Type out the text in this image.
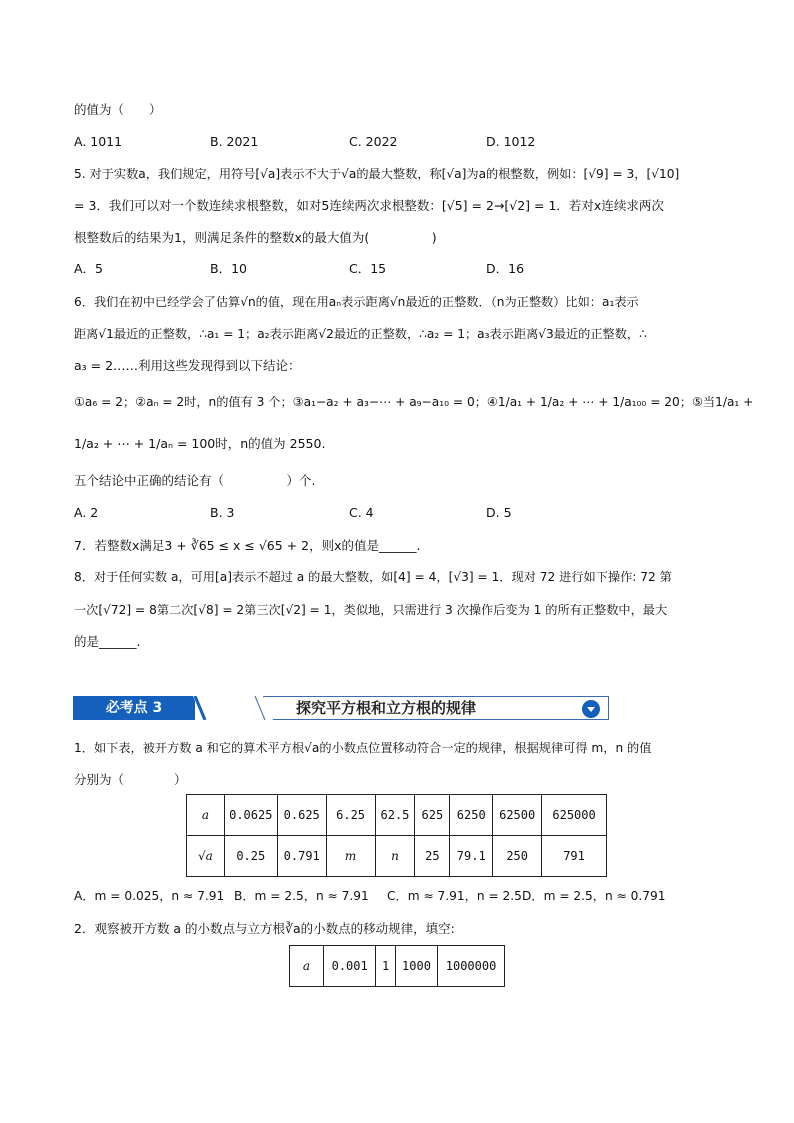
的值为（　　）
A. 1011	B. 2021	C. 2022	D. 1012
5. 对于实数a，我们规定，用符号[√a]表示不大于√a的最大整数，称[√a]为a的根整数，例如：[√9] = 3，[√10]
= 3．我们可以对一个数连续求根整数，如对5连续两次求根整数：[√5] = 2→[√2] = 1．若对x连续求两次
根整数后的结果为1，则满足条件的整数x的最大值为(　　　　　)
A．5	B．10	C．15	D．16
6．我们在初中已经学会了估算√n的值，现在用aₙ表示距离√n最近的正整数．（n为正整数）比如：a₁表示
距离√1最近的正整数，∴a₁ = 1；a₂表示距离√2最近的正整数，∴a₂ = 1；a₃表示距离√3最近的正整数，∴
a₃ = 2……利用这些发现得到以下结论：
①a₆ = 2；②aₙ = 2时，n的值有 3 个；③a₁−a₂ + a₃−⋯ + a₉−a₁₀ = 0；④1/a₁ + 1/a₂ + ⋯ + 1/a₁₀₀ = 20；⑤当1/a₁ +
1/a₂ + ⋯ + 1/aₙ = 100时，n的值为 2550.
五个结论中正确的结论有（　　　　　）个.
A. 2	B. 3	C. 4	D. 5
7．若整数x满足3 + ∛65 ≤ x ≤ √65 + 2，则x的值是______.
8．对于任何实数 a，可用[a]表示不超过 a 的最大整数，如[4] = 4，[√3] = 1．现对 72 进行如下操作: 72 第
一次[√72] = 8第二次[√8] = 2第三次[√2] = 1，类似地，只需进行 3 次操作后变为 1 的所有正整数中，最大
的是______.
必考点 3	探究平方根和立方根的规律
1．如下表，被开方数 a 和它的算术平方根√a的小数点位置移动符合一定的规律，根据规律可得 m，n 的值
分别为（　　　　）
a	0.0625	0.625	6.25	62.5	625	6250	62500	625000
√a	0.25	0.791	m	n	25	79.1	250	791
A．m = 0.025，n ≈ 7.91 B．m = 2.5，n ≈ 7.91 C．m ≈ 7.91，n = 2.5 D．m = 2.5，n ≈ 0.791
2．观察被开方数 a 的小数点与立方根∛a的小数点的移动规律，填空:
a	0.001	1	1000	1000000
